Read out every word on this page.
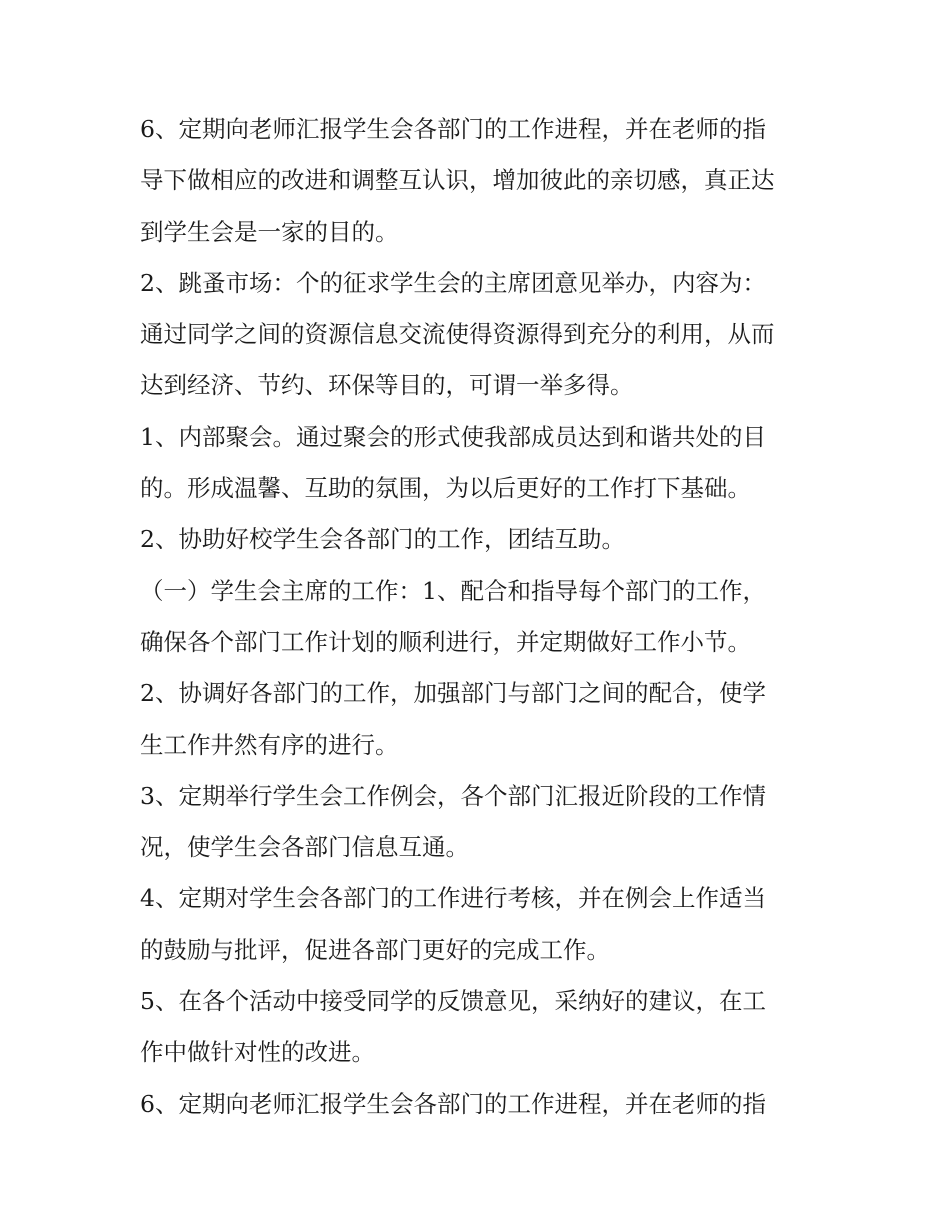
6、定期向老师汇报学生会各部门的工作进程，并在老师的指
导下做相应的改进和调整互认识，增加彼此的亲切感，真正达
到学生会是一家的目的。
2、跳蚤市场：个的征求学生会的主席团意见举办，内容为：
通过同学之间的资源信息交流使得资源得到充分的利用，从而
达到经济、节约、环保等目的，可谓一举多得。
1、内部聚会。通过聚会的形式使我部成员达到和谐共处的目
的。形成温馨、互助的氛围，为以后更好的工作打下基础。
2、协助好校学生会各部门的工作，团结互助。
（一）学生会主席的工作：1、配合和指导每个部门的工作，
确保各个部门工作计划的顺利进行，并定期做好工作小节。
2、协调好各部门的工作，加强部门与部门之间的配合，使学
生工作井然有序的进行。
3、定期举行学生会工作例会，各个部门汇报近阶段的工作情
况，使学生会各部门信息互通。
4、定期对学生会各部门的工作进行考核，并在例会上作适当
的鼓励与批评，促进各部门更好的完成工作。
5、在各个活动中接受同学的反馈意见，采纳好的建议，在工
作中做针对性的改进。
6、定期向老师汇报学生会各部门的工作进程，并在老师的指
